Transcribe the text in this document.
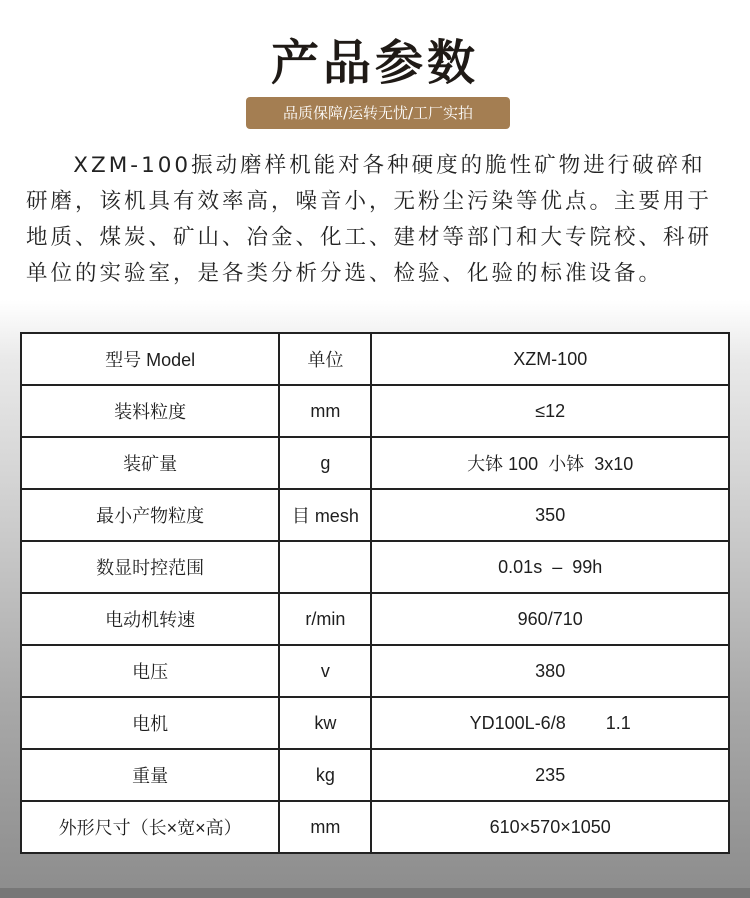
产品参数
品质保障/运转无忧/工厂实拍

XZM-100振动磨样机能对各种硬度的脆性矿物进行破碎和研磨，该机具有效率高，噪音小，无粉尘污染等优点。主要用于地质、煤炭、矿山、冶金、化工、建材等部门和大专院校、科研单位的实验室，是各类分析分选、检验、化验的标准设备。

型号 Model	单位	XZM-100
装料粒度	mm	≤12
装矿量	g	大钵 100  小钵  3x10
最小产物粒度	目 mesh	350
数显时控范围		0.01s  –  99h
电动机转速	r/min	960/710
电压	v	380
电机	kw	YD100L-6/8        1.1
重量	kg	235
外形尺寸（长×宽×高）	mm	610×570×1050
